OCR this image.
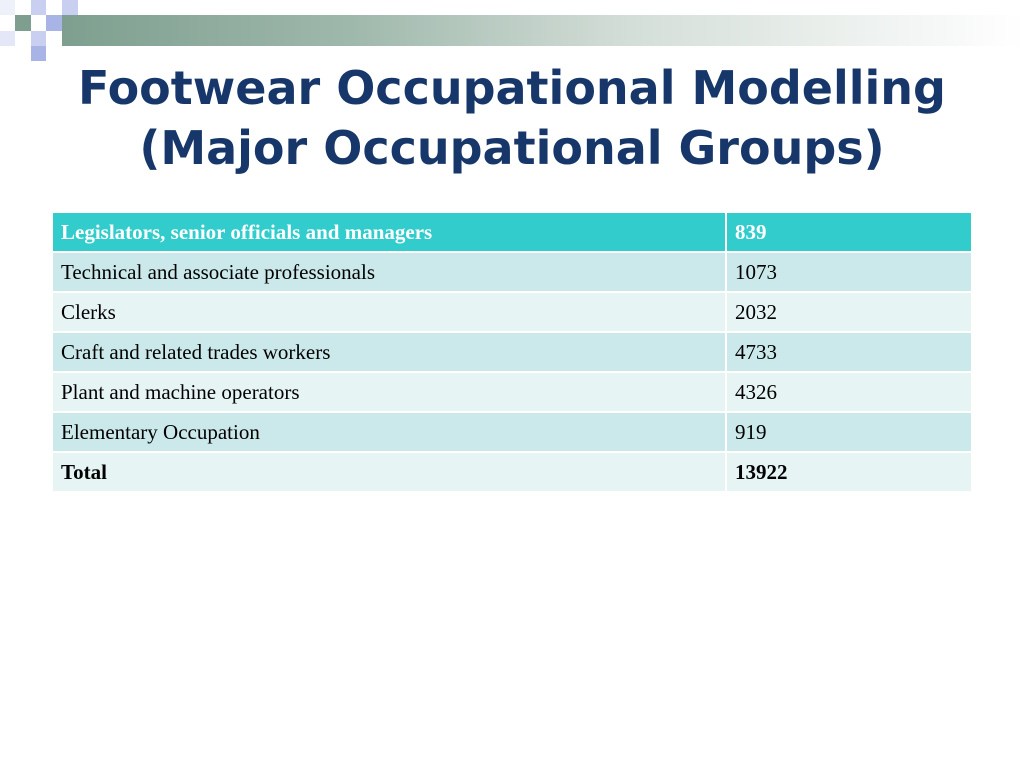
Footwear Occupational Modelling
(Major Occupational Groups)
Legislators, senior officials and managers	839
Technical and associate professionals	1073
Clerks	2032
Craft and related trades workers	4733
Plant and machine operators	4326
Elementary Occupation	919
Total	13922
